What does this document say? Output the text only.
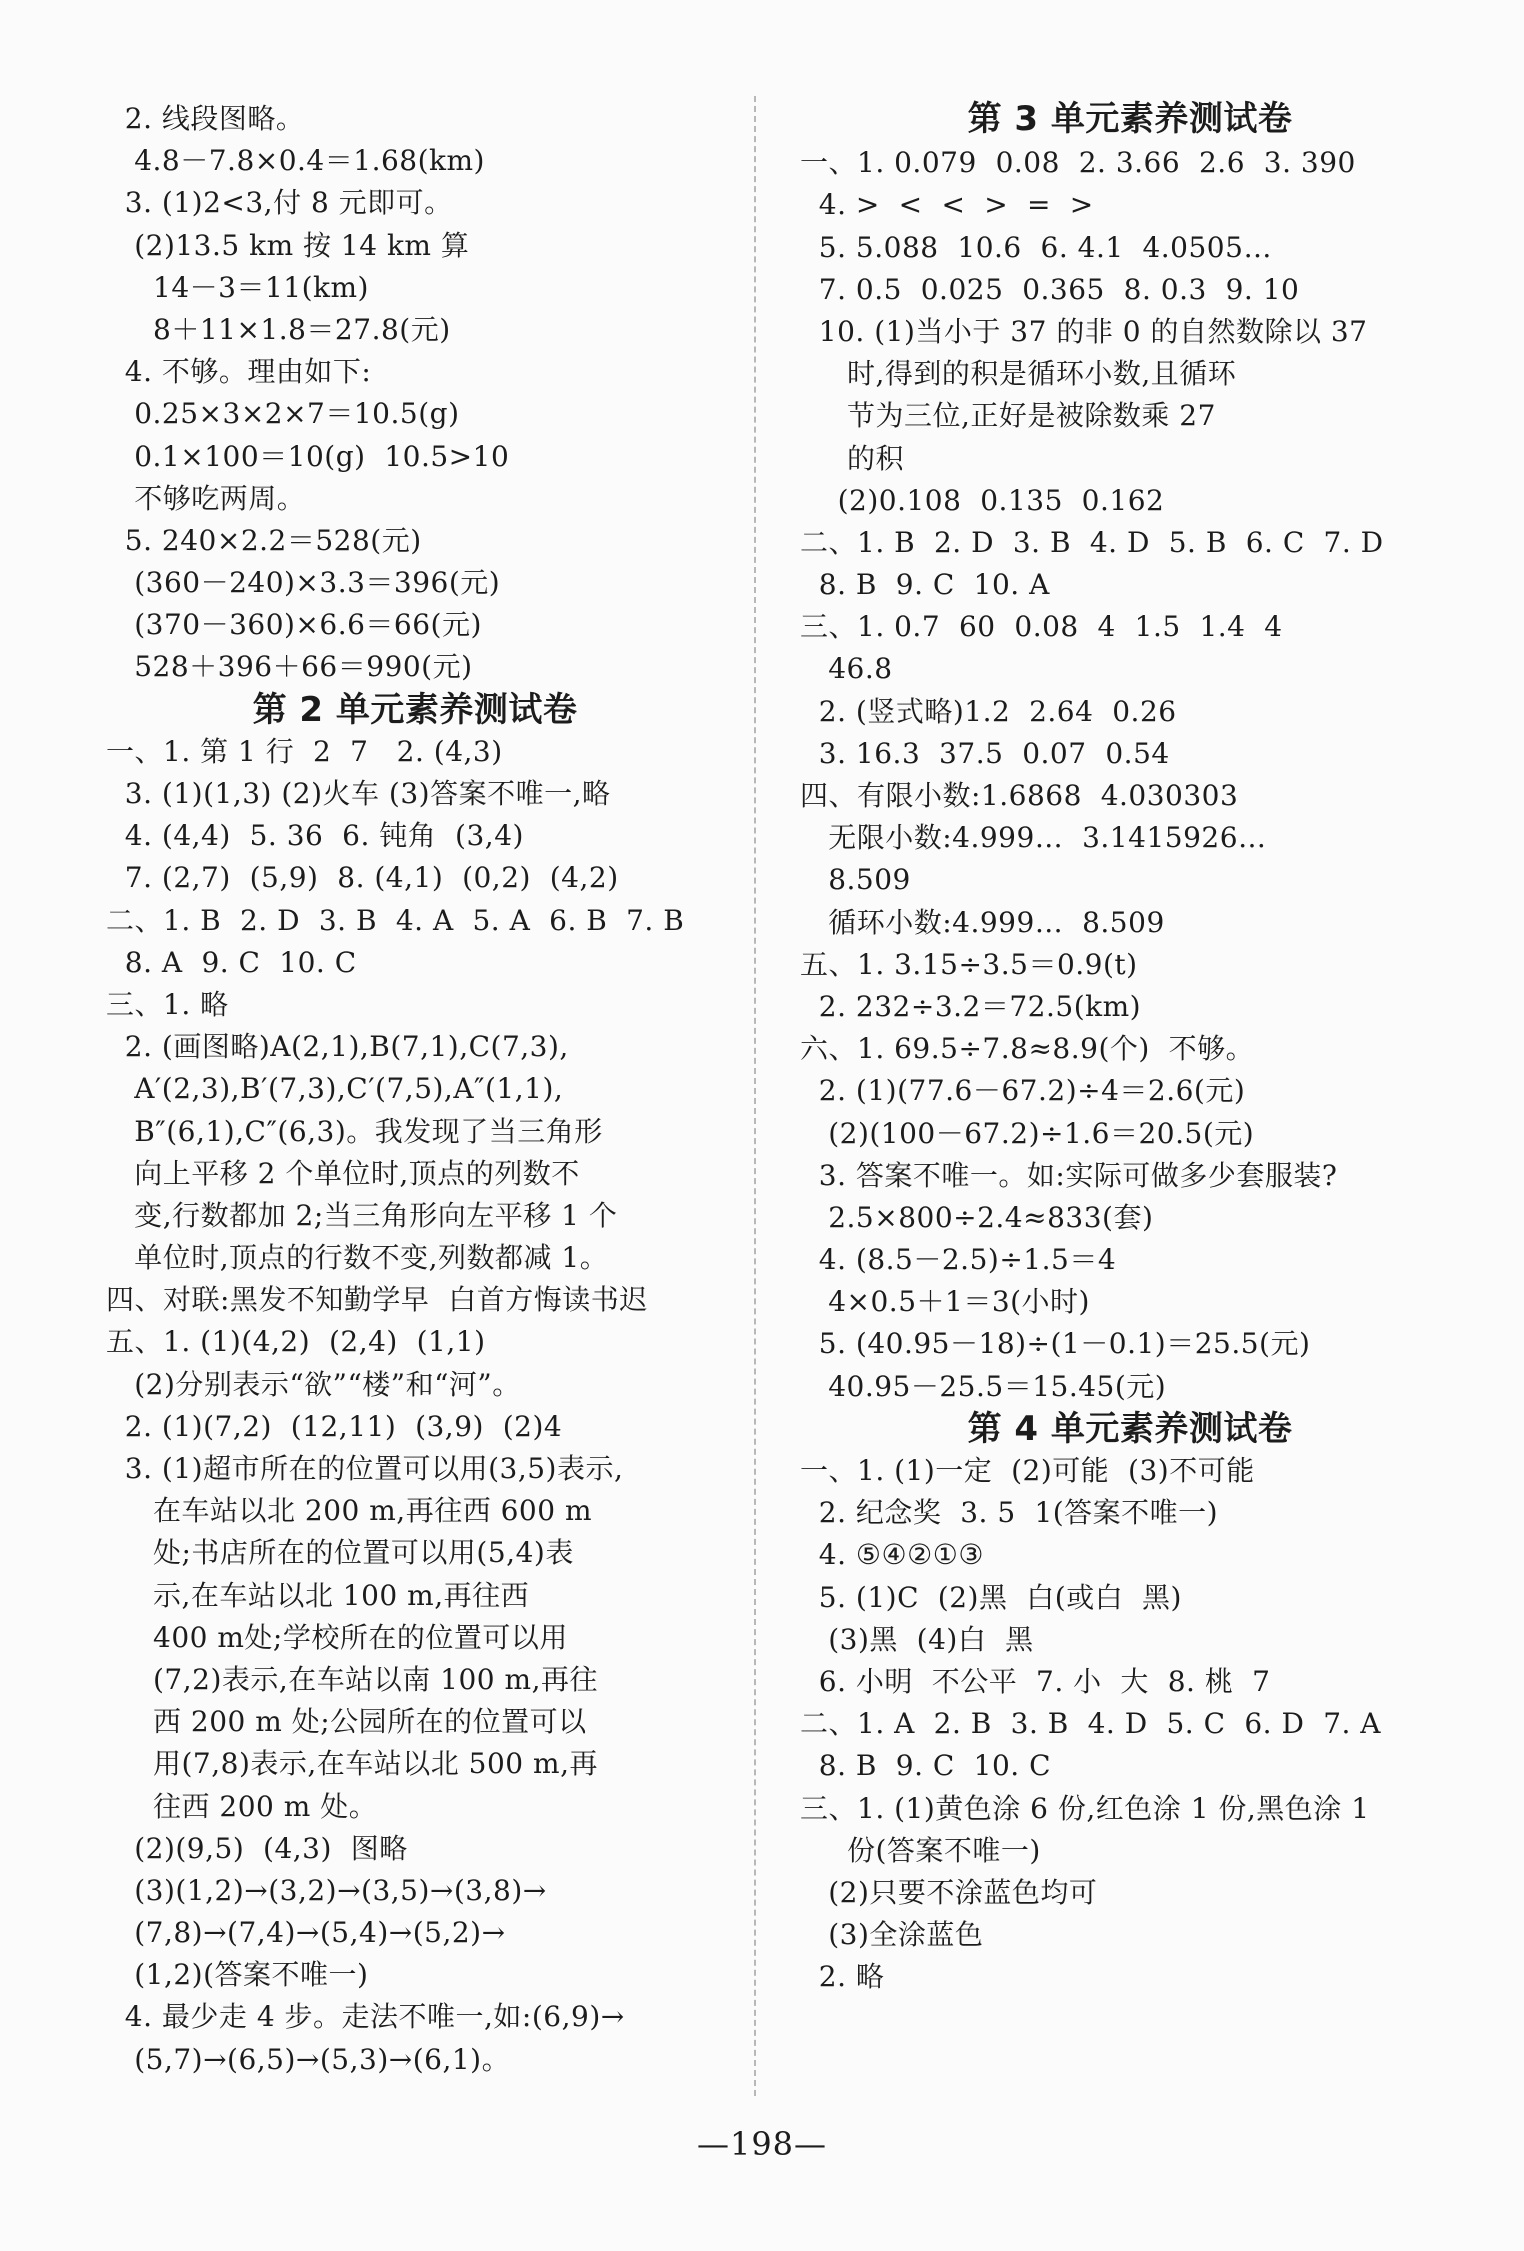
2. 线段图略。
4.8－7.8×0.4＝1.68(km)
3. (1)2<3,付 8 元即可。
(2)13.5 km 按 14 km 算
14－3＝11(km)
8＋11×1.8＝27.8(元)
4. 不够。理由如下:
0.25×3×2×7＝10.5(g)
0.1×100＝10(g)  10.5>10
不够吃两周。
5. 240×2.2＝528(元)
(360－240)×3.3＝396(元)
(370－360)×6.6＝66(元)
528＋396＋66＝990(元)
第 2 单元素养测试卷
一、1. 第 1 行  2  7   2. (4,3)
3. (1)(1,3) (2)火车 (3)答案不唯一,略
4. (4,4)  5. 36  6. 钝角  (3,4)
7. (2,7)  (5,9)  8. (4,1)  (0,2)  (4,2)
二、1. B  2. D  3. B  4. A  5. A  6. B  7. B
8. A  9. C  10. C
三、1. 略
2. (画图略)A(2,1),B(7,1),C(7,3),
A′(2,3),B′(7,3),C′(7,5),A″(1,1),
B″(6,1),C″(6,3)。我发现了当三角形
向上平移 2 个单位时,顶点的列数不
变,行数都加 2;当三角形向左平移 1 个
单位时,顶点的行数不变,列数都减 1。
四、对联:黑发不知勤学早  白首方悔读书迟
五、1. (1)(4,2)  (2,4)  (1,1)
(2)分别表示“欲”“楼”和“河”。
2. (1)(7,2)  (12,11)  (3,9)  (2)4
3. (1)超市所在的位置可以用(3,5)表示,
在车站以北 200 m,再往西 600 m
处;书店所在的位置可以用(5,4)表
示,在车站以北 100 m,再往西
400 m处;学校所在的位置可以用
(7,2)表示,在车站以南 100 m,再往
西 200 m 处;公园所在的位置可以
用(7,8)表示,在车站以北 500 m,再
往西 200 m 处。
(2)(9,5)  (4,3)  图略
(3)(1,2)→(3,2)→(3,5)→(3,8)→
(7,8)→(7,4)→(5,4)→(5,2)→
(1,2)(答案不唯一)
4. 最少走 4 步。走法不唯一,如:(6,9)→
(5,7)→(6,5)→(5,3)→(6,1)。
第 3 单元素养测试卷
一、1. 0.079  0.08  2. 3.66  2.6  3. 390
4. >  <  <  >  =  >
5. 5.088  10.6  6. 4.1  4.0505…
7. 0.5  0.025  0.365  8. 0.3  9. 10
10. (1)当小于 37 的非 0 的自然数除以 37
时,得到的积是循环小数,且循环
节为三位,正好是被除数乘 27
的积
(2)0.108  0.135  0.162
二、1. B  2. D  3. B  4. D  5. B  6. C  7. D
8. B  9. C  10. A
三、1. 0.7  60  0.08  4  1.5  1.4  4
46.8
2. (竖式略)1.2  2.64  0.26
3. 16.3  37.5  0.07  0.54
四、有限小数:1.6868  4.030303
无限小数:4.999…  3.1415926…
8.509
循环小数:4.999…  8.509
五、1. 3.15÷3.5＝0.9(t)
2. 232÷3.2＝72.5(km)
六、1. 69.5÷7.8≈8.9(个)  不够。
2. (1)(77.6－67.2)÷4＝2.6(元)
(2)(100－67.2)÷1.6＝20.5(元)
3. 答案不唯一。如:实际可做多少套服装?
2.5×800÷2.4≈833(套)
4. (8.5－2.5)÷1.5＝4
4×0.5＋1＝3(小时)
5. (40.95－18)÷(1－0.1)＝25.5(元)
40.95－25.5＝15.45(元)
第 4 单元素养测试卷
一、1. (1)一定  (2)可能  (3)不可能
2. 纪念奖  3. 5  1(答案不唯一)
4. ⑤④②①③
5. (1)C  (2)黑  白(或白  黑)
(3)黑  (4)白  黑
6. 小明  不公平  7. 小  大  8. 桃  7
二、1. A  2. B  3. B  4. D  5. C  6. D  7. A
8. B  9. C  10. C
三、1. (1)黄色涂 6 份,红色涂 1 份,黑色涂 1
份(答案不唯一)
(2)只要不涂蓝色均可
(3)全涂蓝色
2. 略
—198—
